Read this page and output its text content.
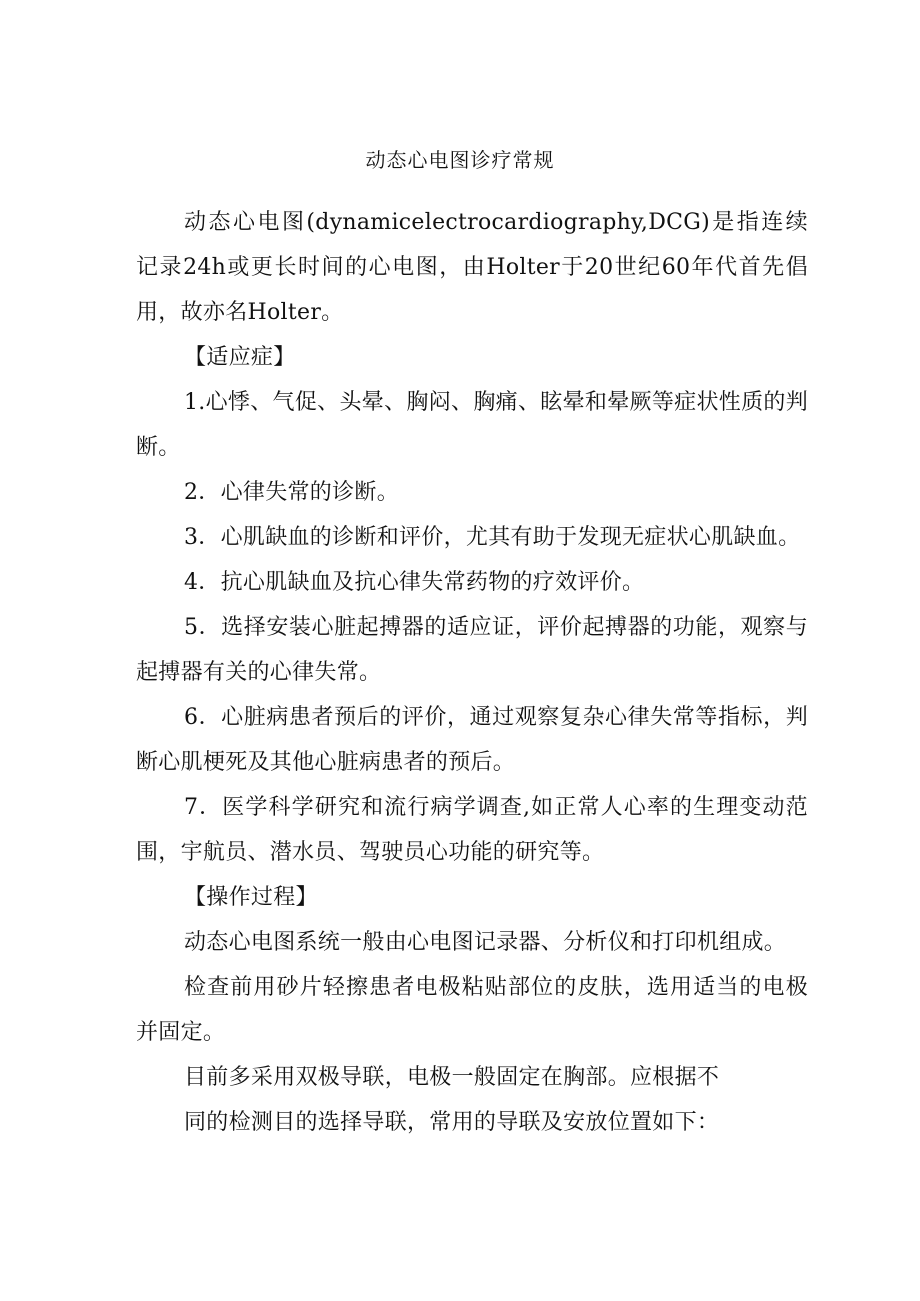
动态心电图诊疗常规

动态心电图(dynamicelectrocardiography,DCG)是指连续记录24h或更长时间的心电图，由Holter于20世纪60年代首先倡用，故亦名Holter。

【适应症】

1.心悸、气促、头晕、胸闷、胸痛、眩晕和晕厥等症状性质的判断。

2．心律失常的诊断。

3．心肌缺血的诊断和评价，尤其有助于发现无症状心肌缺血。

4．抗心肌缺血及抗心律失常药物的疗效评价。

5．选择安装心脏起搏器的适应证，评价起搏器的功能，观察与起搏器有关的心律失常。

6．心脏病患者预后的评价，通过观察复杂心律失常等指标，判断心肌梗死及其他心脏病患者的预后。

7．医学科学研究和流行病学调查,如正常人心率的生理变动范围，宇航员、潜水员、驾驶员心功能的研究等。

【操作过程】

动态心电图系统一般由心电图记录器、分析仪和打印机组成。

检查前用砂片轻擦患者电极粘贴部位的皮肤，选用适当的电极并固定。

目前多采用双极导联，电极一般固定在胸部。应根据不

同的检测目的选择导联，常用的导联及安放位置如下：
